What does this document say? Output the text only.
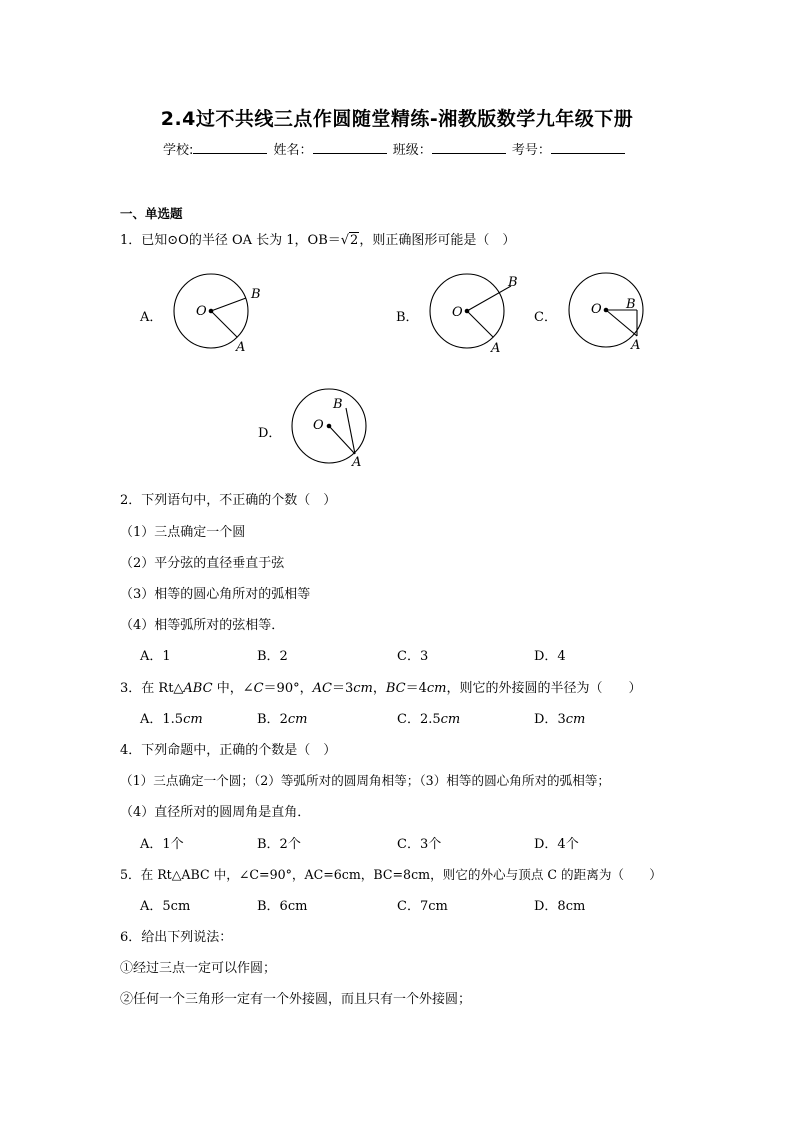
2.4过不共线三点作圆随堂精练-湘教版数学九年级下册
学校:	姓名：	班级：	考号：
一、单选题
1．已知⊙O的半径 OA 长为 1，OB＝√2，则正确图形可能是（　）
A．	B．	C．
D．
O
B
A
O
B
A
O B
A
O
B
A
2．下列语句中，不正确的个数（　）
（1）三点确定一个圆
（2）平分弦的直径垂直于弦
（3）相等的圆心角所对的弧相等
（4）相等弧所对的弦相等．
A．1	B．2	C．3	D．4
3．在 Rt△ABC 中，∠C＝90°，AC＝3cm，BC＝4cm，则它的外接圆的半径为（　　）
A．1.5cm	B．2cm	C．2.5cm	D．3cm
4．下列命题中，正确的个数是（　）
（1）三点确定一个圆；（2）等弧所对的圆周角相等；（3）相等的圆心角所对的弧相等；
（4）直径所对的圆周角是直角．
A．1个	B．2个	C．3个	D．4个
5．在 Rt△ABC 中，∠C=90°，AC=6cm，BC=8cm，则它的外心与顶点 C 的距离为（　　）
A．5cm	B．6cm	C．7cm	D．8cm
6．给出下列说法：
①经过三点一定可以作圆；
②任何一个三角形一定有一个外接圆，而且只有一个外接圆；
